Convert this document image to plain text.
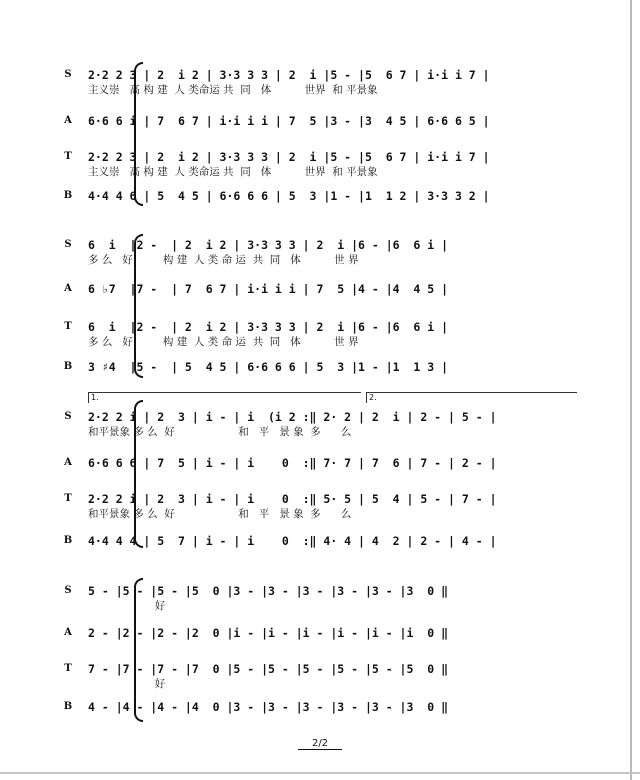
S 2·2 2 3 | 2  i 2 | 3·3 3 3 | 2  i |5 - |5  6 7 | i·i i 7 |
主义崇   高 构 建  人 类命运 共  同   体          世界  和 平景象
A 6·6 6 i | 7  6 7 | i·i i i | 7  5 |3 - |3  4 5 | 6·6 6 5 |
T 2·2 2 3 | 2  i 2 | 3·3 3 3 | 2  i |5 - |5  6 7 | i·i i 7 |
主义崇   高 构 建  人 类命运 共  同   体          世界  和 平景象
B 4·4 4 6 | 5  4 5 | 6·6 6 6 | 5  3 |1 - |1  1 2 | 3·3 3 2 |
S 6  i  |2 -  | 2  i 2 | 3·3 3 3 | 2  i |6 - |6  6 i |
多 么   好         构 建  人 类 命 运  共  同   体          世 界
A 6 ♭7  |7 -  | 7  6 7 | i·i i i | 7  5 |4 - |4  4 5 |
T 6  i  |2 -  | 2  i 2 | 3·3 3 3 | 2  i |6 - |6  6 i |
多 么   好         构 建  人 类 命 运  共  同   体          世 界
B 3 ♯4  |5 -  | 5  4 5 | 6·6 6 6 | 5  3 |1 - |1  1 3 |
1.	2.
S 2·2 2 i | 2  3 | i - | i  (i 2 :‖ 2· 2 | 2  i | 2 - | 5 - |
和平景象 多 么  好                   和   平   景 象  多      么
A 6·6 6 6 | 7  5 | i - | i    0  :‖ 7· 7 | 7  6 | 7 - | 2 - |
T 2·2 2 i | 2  3 | i - | i    0  :‖ 5· 5 | 5  4 | 5 - | 7 - |
和平景象 多 么  好                   和   平   景 象  多      么
B 4·4 4 4 | 5  7 | i - | i    0  :‖ 4· 4 | 4  2 | 2 - | 4 - |
S 5 - |5 - |5 - |5  0 |3 - |3 - |3 - |3 - |3 - |3  0 ‖
好
A 2 - |2 - |2 - |2  0 |i - |i - |i - |i - |i - |i  0 ‖
T 7 - |7 - |7 - |7  0 |5 - |5 - |5 - |5 - |5 - |5  0 ‖
好
B 4 - |4 - |4 - |4  0 |3 - |3 - |3 - |3 - |3 - |3  0 ‖
2/2
